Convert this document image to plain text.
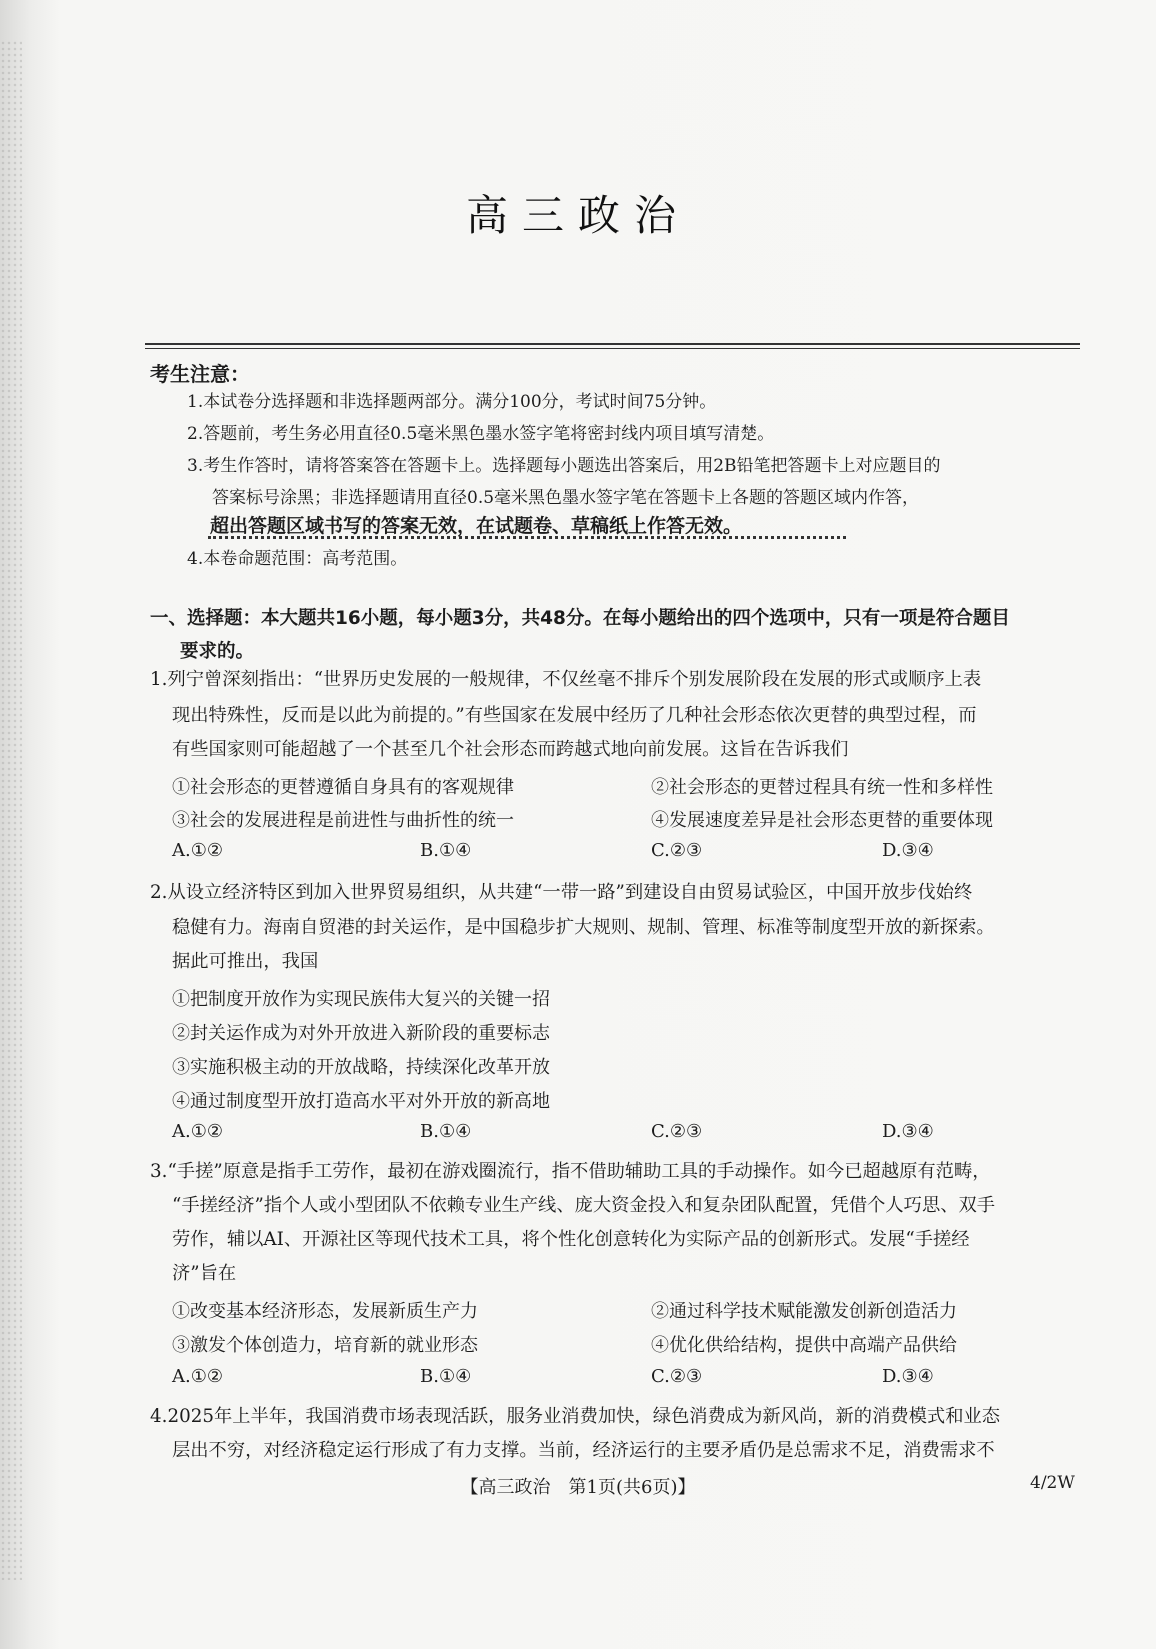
高三政治
考生注意：
1.本试卷分选择题和非选择题两部分。满分100分，考试时间75分钟。
2.答题前，考生务必用直径0.5毫米黑色墨水签字笔将密封线内项目填写清楚。
3.考生作答时，请将答案答在答题卡上。选择题每小题选出答案后，用2B铅笔把答题卡上对应题目的
答案标号涂黑；非选择题请用直径0.5毫米黑色墨水签字笔在答题卡上各题的答题区域内作答，
超出答题区域书写的答案无效，在试题卷、草稿纸上作答无效。
4.本卷命题范围：高考范围。
一、选择题：本大题共16小题，每小题3分，共48分。在每小题给出的四个选项中，只有一项是符合题目
要求的。
1.列宁曾深刻指出：“世界历史发展的一般规律，不仅丝毫不排斥个别发展阶段在发展的形式或顺序上表
现出特殊性，反而是以此为前提的。”有些国家在发展中经历了几种社会形态依次更替的典型过程，而
有些国家则可能超越了一个甚至几个社会形态而跨越式地向前发展。这旨在告诉我们
①社会形态的更替遵循自身具有的客观规律	②社会形态的更替过程具有统一性和多样性
③社会的发展进程是前进性与曲折性的统一	④发展速度差异是社会形态更替的重要体现
A.①②	B.①④	C.②③	D.③④
2.从设立经济特区到加入世界贸易组织，从共建“一带一路”到建设自由贸易试验区，中国开放步伐始终
稳健有力。海南自贸港的封关运作，是中国稳步扩大规则、规制、管理、标准等制度型开放的新探索。
据此可推出，我国
①把制度开放作为实现民族伟大复兴的关键一招
②封关运作成为对外开放进入新阶段的重要标志
③实施积极主动的开放战略，持续深化改革开放
④通过制度型开放打造高水平对外开放的新高地
A.①②	B.①④	C.②③	D.③④
3.“手搓”原意是指手工劳作，最初在游戏圈流行，指不借助辅助工具的手动操作。如今已超越原有范畴，
“手搓经济”指个人或小型团队不依赖专业生产线、庞大资金投入和复杂团队配置，凭借个人巧思、双手
劳作，辅以AI、开源社区等现代技术工具，将个性化创意转化为实际产品的创新形式。发展“手搓经
济”旨在
①改变基本经济形态，发展新质生产力	②通过科学技术赋能激发创新创造活力
③激发个体创造力，培育新的就业形态	④优化供给结构，提供中高端产品供给
A.①②	B.①④	C.②③	D.③④
4.2025年上半年，我国消费市场表现活跃，服务业消费加快，绿色消费成为新风尚，新的消费模式和业态
层出不穷，对经济稳定运行形成了有力支撑。当前，经济运行的主要矛盾仍是总需求不足，消费需求不
【高三政治　第1页(共6页)】	4/2W
